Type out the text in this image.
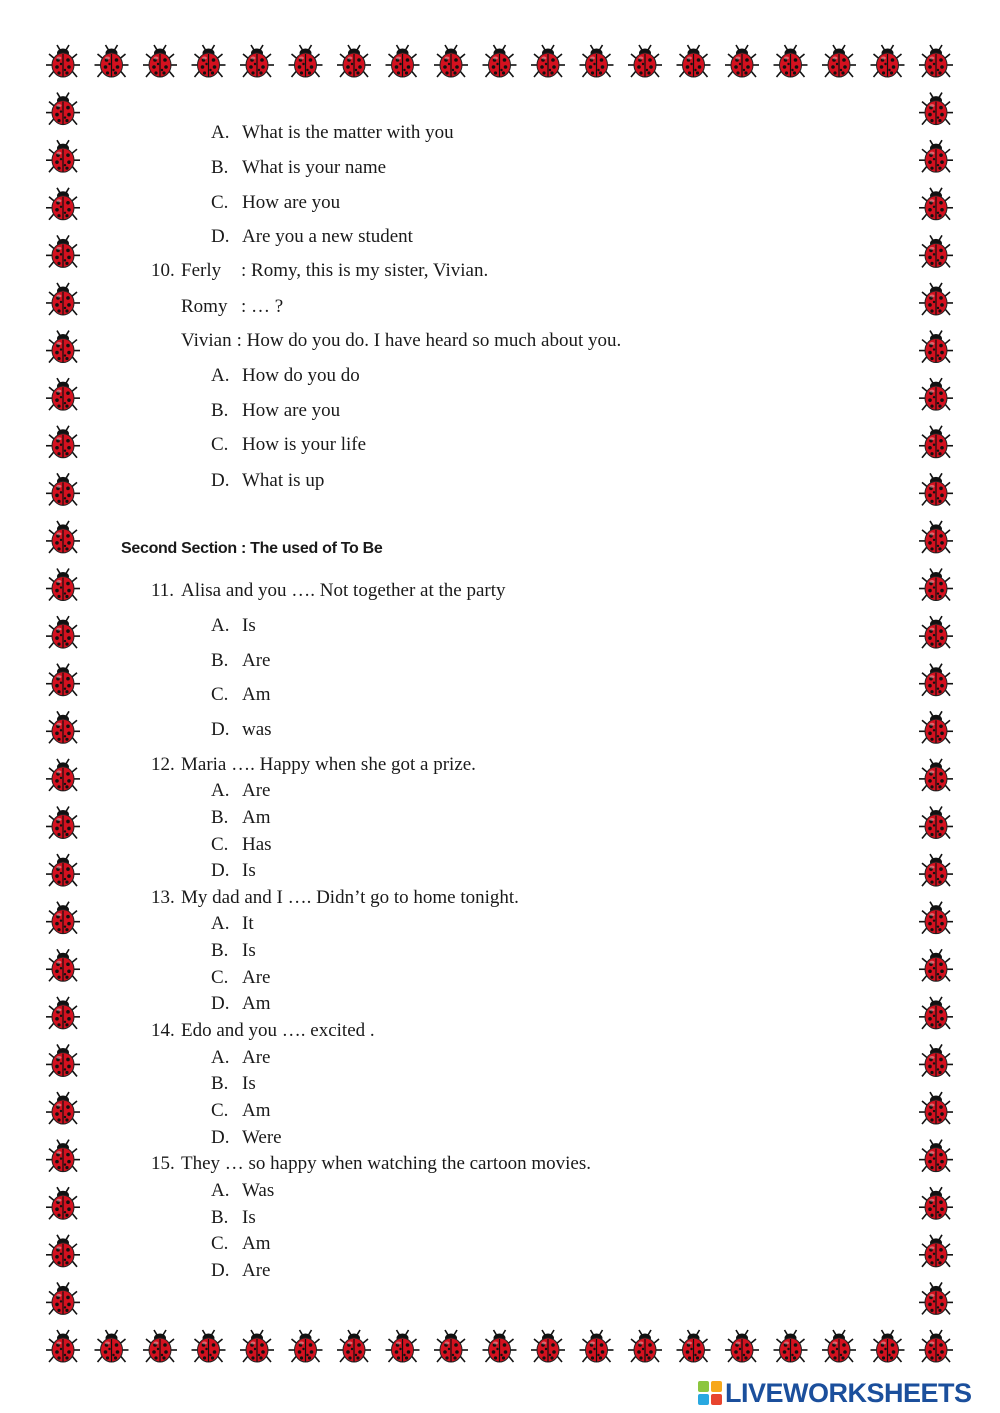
A. What is the matter with you
B. What is your name
C. How are you
D. Are you a new student
10. Ferly : Romy, this is my sister, Vivian.
Romy : … ?
Vivian : How do you do. I have heard so much about you.
A. How do you do
B. How are you
C. How is your life
D. What is up
Second Section : The used of To Be
11. Alisa and you …. Not together at the party
A. Is
B. Are
C. Am
D. was
12. Maria …. Happy when she got a prize.
A. Are
B. Am
C. Has
D. Is
13. My dad and I …. Didn’t go to home tonight.
A. It
B. Is
C. Are
D. Am
14. Edo and you …. excited .
A. Are
B. Is
C. Am
D. Were
15. They … so happy when watching the cartoon movies.
A. Was
B. Is
C. Am
D. Are
LIVEWORKSHEETS
